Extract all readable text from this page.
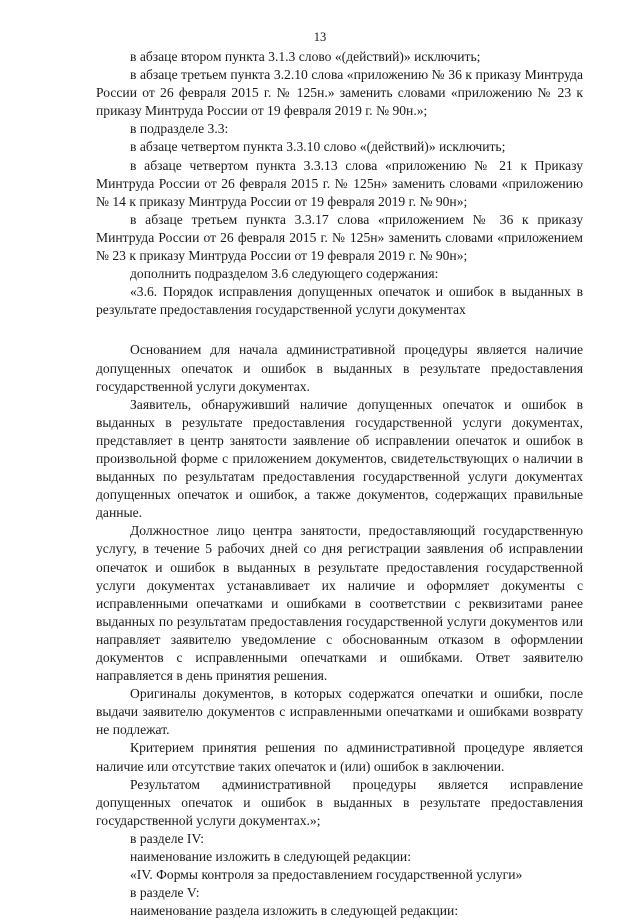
13

в абзаце втором пункта 3.1.3 слово «(действий)» исключить;

в абзаце третьем пункта 3.2.10 слова «приложению № 36 к приказу Минтруда России от 26 февраля 2015 г. № 125н.» заменить словами «приложению № 23 к приказу Минтруда России от 19 февраля 2019 г. № 90н.»;

в подразделе 3.3:

в абзаце четвертом пункта 3.3.10 слово «(действий)» исключить;

в абзаце четвертом пункта 3.3.13 слова «приложению № 21 к Приказу Минтруда России от 26 февраля 2015 г. № 125н» заменить словами «приложению № 14 к приказу Минтруда России от 19 февраля 2019 г. № 90н»;

в абзаце третьем пункта 3.3.17 слова «приложением № 36 к приказу Минтруда России от 26 февраля 2015 г. № 125н» заменить словами «приложением № 23 к приказу Минтруда России от 19 февраля 2019 г. № 90н»;

дополнить подразделом 3.6 следующего содержания:

«3.6. Порядок исправления допущенных опечаток и ошибок в выданных в результате предоставления государственной услуги документах

Основанием для начала административной процедуры является наличие допущенных опечаток и ошибок в выданных в результате предоставления государственной услуги документах.

Заявитель, обнаруживший наличие допущенных опечаток и ошибок в выданных в результате предоставления государственной услуги документах, представляет в центр занятости заявление об исправлении опечаток и ошибок в произвольной форме с приложением документов, свидетельствующих о наличии в выданных по результатам предоставления государственной услуги документах допущенных опечаток и ошибок, а также документов, содержащих правильные данные.

Должностное лицо центра занятости, предоставляющий государственную услугу, в течение 5 рабочих дней со дня регистрации заявления об исправлении опечаток и ошибок в выданных в результате предоставления государственной услуги документах устанавливает их наличие и оформляет документы с исправленными опечатками и ошибками в соответствии с реквизитами ранее выданных по результатам предоставления государственной услуги документов или направляет заявителю уведомление с обоснованным отказом в оформлении документов с исправленными опечатками и ошибками. Ответ заявителю направляется в день принятия решения.

Оригиналы документов, в которых содержатся опечатки и ошибки, после выдачи заявителю документов с исправленными опечатками и ошибками возврату не подлежат.

Критерием принятия решения по административной процедуре является наличие или отсутствие таких опечаток и (или) ошибок в заключении.

Результатом административной процедуры является исправление допущенных опечаток и ошибок в выданных в результате предоставления государственной услуги документах.»;

в разделе IV:

наименование изложить в следующей редакции:

«IV. Формы контроля за предоставлением государственной услуги»

в разделе V:

наименование раздела изложить в следующей редакции:
